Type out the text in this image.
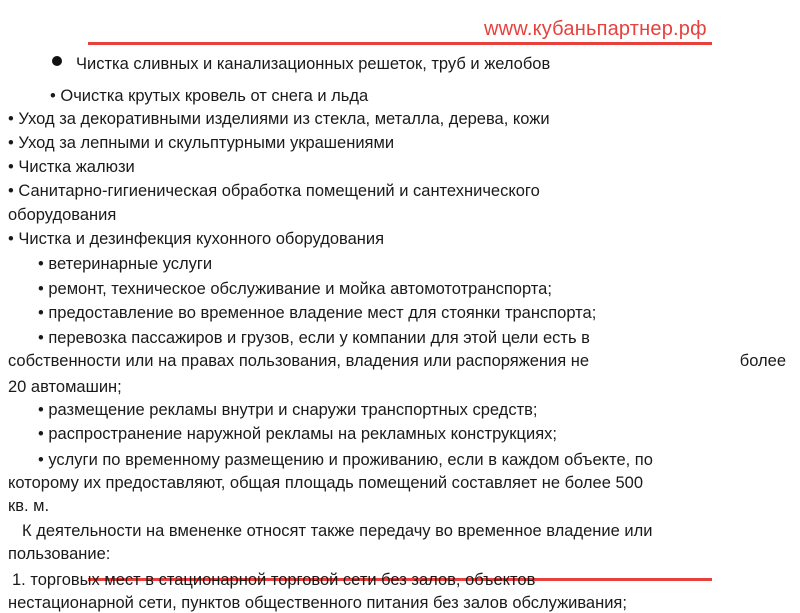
www.кубаньпартнер.рф
Чистка сливных и канализационных решеток, труб и желобов
• Очистка крутых кровель от снега и льда
• Уход за декоративными изделиями из стекла, металла, дерева, кожи
• Уход за лепными и скульптурными украшениями
• Чистка жалюзи
• Санитарно-гигиеническая обработка помещений и сантехнического
оборудования
• Чистка и дезинфекция кухонного оборудования
• ветеринарные услуги
• ремонт, техническое обслуживание и мойка автомототранспорта;
• предоставление во временное владение мест для стоянки транспорта;
• перевозка пассажиров и грузов, если у компании для этой цели есть в
собственности или на правах пользования, владения или распоряжения не	более
20 автомашин;
• размещение рекламы внутри и снаружи транспортных средств;
• распространение наружной рекламы на рекламных конструкциях;
• услуги по временному размещению и проживанию, если в каждом объекте, по
которому их предоставляют, общая площадь помещений составляет не более 500
кв. м.
К деятельности на вмененке относят также передачу во временное владение или
пользование:
1. торговых мест в стационарной торговой сети без залов, объектов
нестационарной сети, пунктов общественного питания без залов обслуживания;
